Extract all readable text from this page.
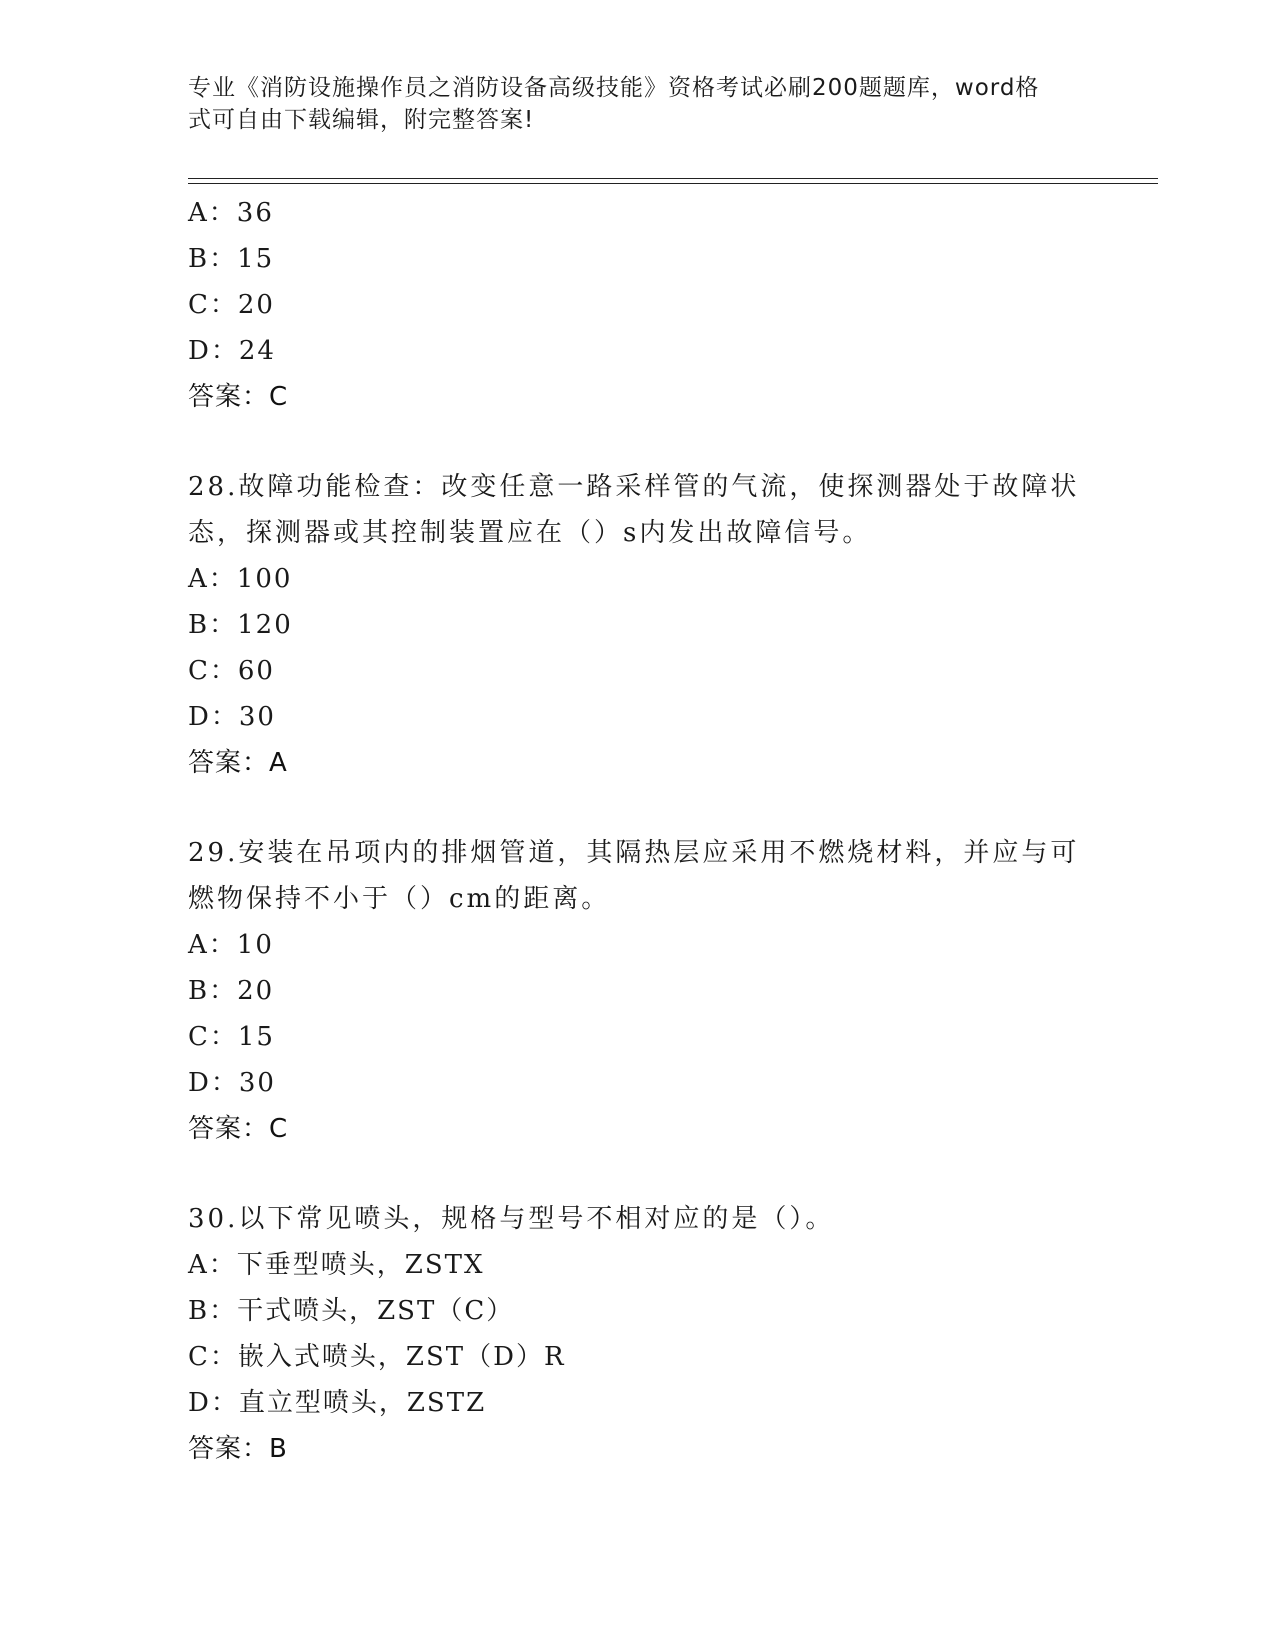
专业《消防设施操作员之消防设备高级技能》资格考试必刷200题题库，word格
式可自由下载编辑，附完整答案!
A：36
B：15
C：20
D：24
答案：C
28.故障功能检查：改变任意一路采样管的气流，使探测器处于故障状
态，探测器或其控制装置应在（）s内发出故障信号。
A：100
B：120
C：60
D：30
答案：A
29.安装在吊项内的排烟管道，其隔热层应采用不燃烧材料，并应与可
燃物保持不小于（）cm的距离。
A：10
B：20
C：15
D：30
答案：C
30.以下常见喷头，规格与型号不相对应的是（）。
A：下垂型喷头，ZSTX
B：干式喷头，ZST（C）
C：嵌入式喷头，ZST（D）R
D：直立型喷头，ZSTZ
答案：B
